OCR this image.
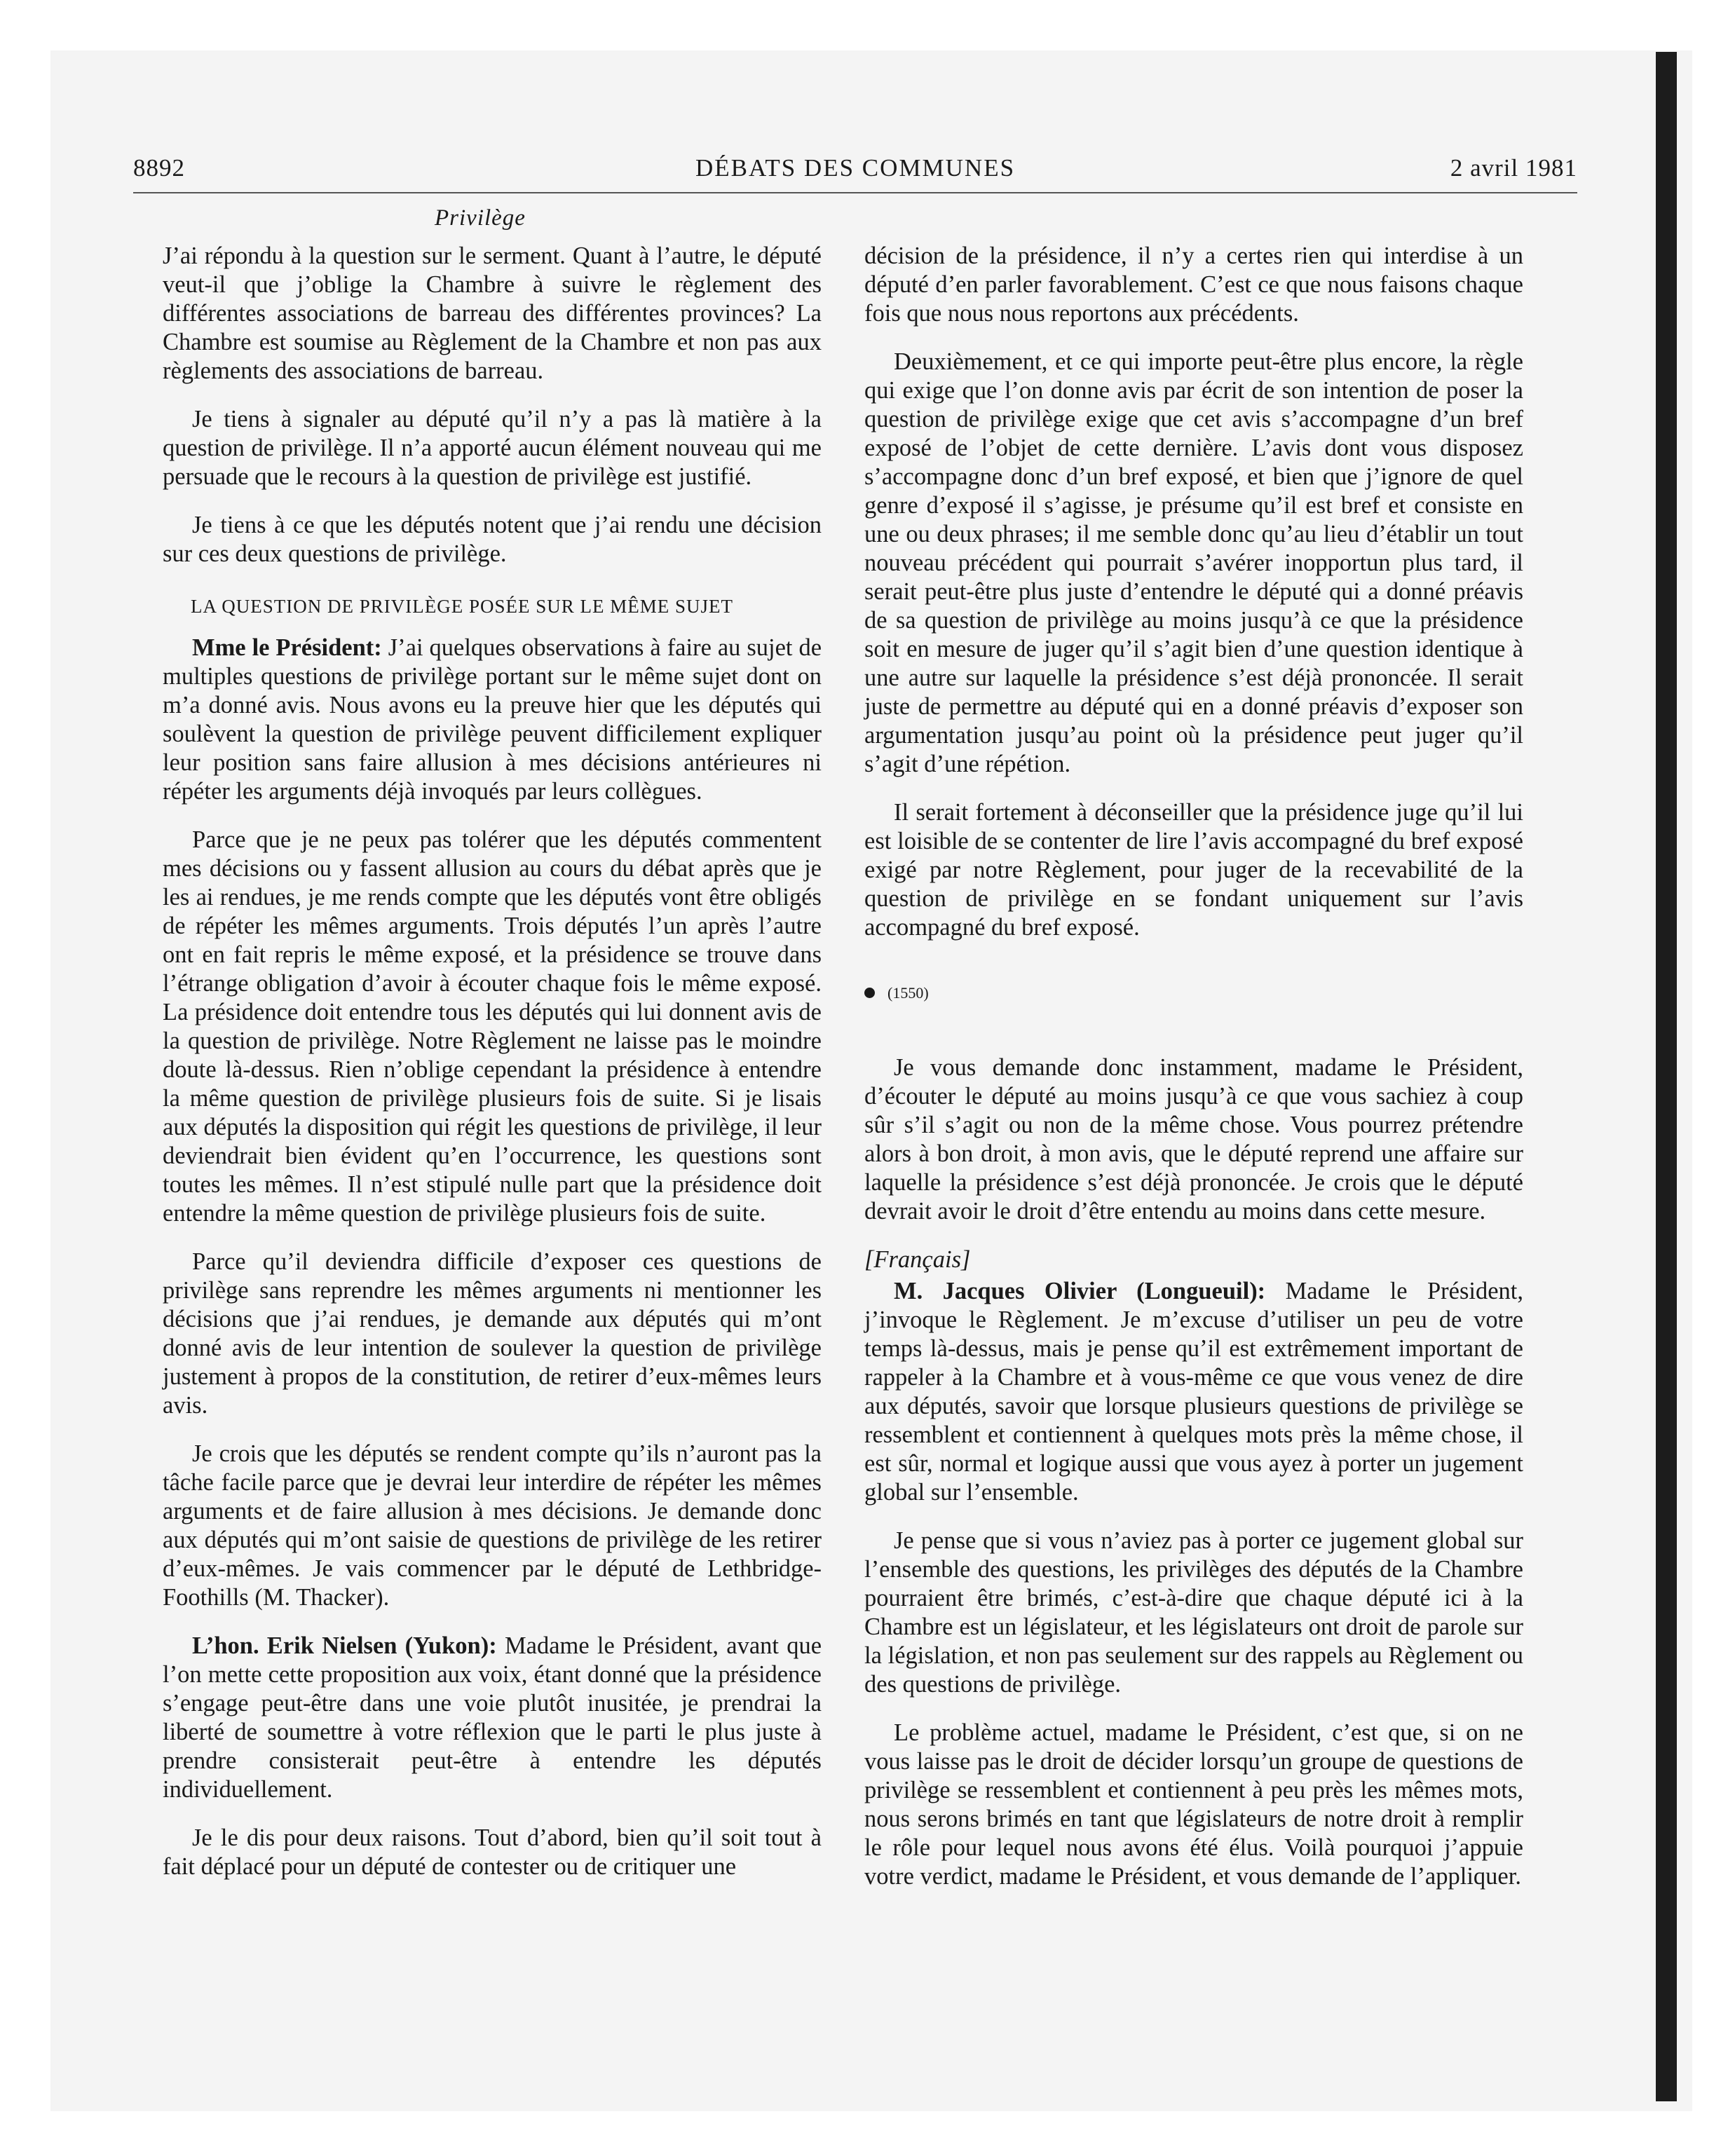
8892	DÉBATS DES COMMUNES	2 avril 1981
Privilège

J’ai répondu à la question sur le serment. Quant à l’autre, le député veut-il que j’oblige la Chambre à suivre le règlement des différentes associations de barreau des différentes provinces? La Chambre est soumise au Règlement de la Chambre et non pas aux règlements des associations de barreau.

Je tiens à signaler au député qu’il n’y a pas là matière à la question de privilège. Il n’a apporté aucun élément nouveau qui me persuade que le recours à la question de privilège est justifié.

Je tiens à ce que les députés notent que j’ai rendu une décision sur ces deux questions de privilège.

LA QUESTION DE PRIVILÈGE POSÉE SUR LE MÊME SUJET

Mme le Président: J’ai quelques observations à faire au sujet de multiples questions de privilège portant sur le même sujet dont on m’a donné avis. Nous avons eu la preuve hier que les députés qui soulèvent la question de privilège peuvent difficilement expliquer leur position sans faire allusion à mes décisions antérieures ni répéter les arguments déjà invoqués par leurs collègues.

Parce que je ne peux pas tolérer que les députés commentent mes décisions ou y fassent allusion au cours du débat après que je les ai rendues, je me rends compte que les députés vont être obligés de répéter les mêmes arguments. Trois députés l’un après l’autre ont en fait repris le même exposé, et la présidence se trouve dans l’étrange obligation d’avoir à écouter chaque fois le même exposé. La présidence doit entendre tous les députés qui lui donnent avis de la question de privilège. Notre Règlement ne laisse pas le moindre doute là-dessus. Rien n’oblige cependant la présidence à entendre la même question de privilège plusieurs fois de suite. Si je lisais aux députés la disposition qui régit les questions de privilège, il leur deviendrait bien évident qu’en l’occurrence, les questions sont toutes les mêmes. Il n’est stipulé nulle part que la présidence doit entendre la même question de privilège plusieurs fois de suite.

Parce qu’il deviendra difficile d’exposer ces questions de privilège sans reprendre les mêmes arguments ni mentionner les décisions que j’ai rendues, je demande aux députés qui m’ont donné avis de leur intention de soulever la question de privilège justement à propos de la constitution, de retirer d’eux-mêmes leurs avis.

Je crois que les députés se rendent compte qu’ils n’auront pas la tâche facile parce que je devrai leur interdire de répéter les mêmes arguments et de faire allusion à mes décisions. Je demande donc aux députés qui m’ont saisie de questions de privilège de les retirer d’eux-mêmes. Je vais commencer par le député de Lethbridge-Foothills (M. Thacker).

L’hon. Erik Nielsen (Yukon): Madame le Président, avant que l’on mette cette proposition aux voix, étant donné que la présidence s’engage peut-être dans une voie plutôt inusitée, je prendrai la liberté de soumettre à votre réflexion que le parti le plus juste à prendre consisterait peut-être à entendre les députés individuellement.

Je le dis pour deux raisons. Tout d’abord, bien qu’il soit tout à fait déplacé pour un député de contester ou de critiquer une

décision de la présidence, il n’y a certes rien qui interdise à un député d’en parler favorablement. C’est ce que nous faisons chaque fois que nous nous reportons aux précédents.

Deuxièmement, et ce qui importe peut-être plus encore, la règle qui exige que l’on donne avis par écrit de son intention de poser la question de privilège exige que cet avis s’accompagne d’un bref exposé de l’objet de cette dernière. L’avis dont vous disposez s’accompagne donc d’un bref exposé, et bien que j’ignore de quel genre d’exposé il s’agisse, je présume qu’il est bref et consiste en une ou deux phrases; il me semble donc qu’au lieu d’établir un tout nouveau précédent qui pourrait s’avérer inopportun plus tard, il serait peut-être plus juste d’entendre le député qui a donné préavis de sa question de privilège au moins jusqu’à ce que la présidence soit en mesure de juger qu’il s’agit bien d’une question identique à une autre sur laquelle la présidence s’est déjà prononcée. Il serait juste de permettre au député qui en a donné préavis d’exposer son argumentation jusqu’au point où la présidence peut juger qu’il s’agit d’une répétion.

Il serait fortement à déconseiller que la présidence juge qu’il lui est loisible de se contenter de lire l’avis accompagné du bref exposé exigé par notre Règlement, pour juger de la recevabilité de la question de privilège en se fondant uniquement sur l’avis accompagné du bref exposé.

(1550)

Je vous demande donc instamment, madame le Président, d’écouter le député au moins jusqu’à ce que vous sachiez à coup sûr s’il s’agit ou non de la même chose. Vous pourrez prétendre alors à bon droit, à mon avis, que le député reprend une affaire sur laquelle la présidence s’est déjà prononcée. Je crois que le député devrait avoir le droit d’être entendu au moins dans cette mesure.

[Français]

M. Jacques Olivier (Longueuil): Madame le Président, j’invoque le Règlement. Je m’excuse d’utiliser un peu de votre temps là-dessus, mais je pense qu’il est extrêmement important de rappeler à la Chambre et à vous-même ce que vous venez de dire aux députés, savoir que lorsque plusieurs questions de privilège se ressemblent et contiennent à quelques mots près la même chose, il est sûr, normal et logique aussi que vous ayez à porter un jugement global sur l’ensemble.

Je pense que si vous n’aviez pas à porter ce jugement global sur l’ensemble des questions, les privilèges des députés de la Chambre pourraient être brimés, c’est-à-dire que chaque député ici à la Chambre est un législateur, et les législateurs ont droit de parole sur la législation, et non pas seulement sur des rappels au Règlement ou des questions de privilège.

Le problème actuel, madame le Président, c’est que, si on ne vous laisse pas le droit de décider lorsqu’un groupe de questions de privilège se ressemblent et contiennent à peu près les mêmes mots, nous serons brimés en tant que législateurs de notre droit à remplir le rôle pour lequel nous avons été élus. Voilà pourquoi j’appuie votre verdict, madame le Président, et vous demande de l’appliquer.
